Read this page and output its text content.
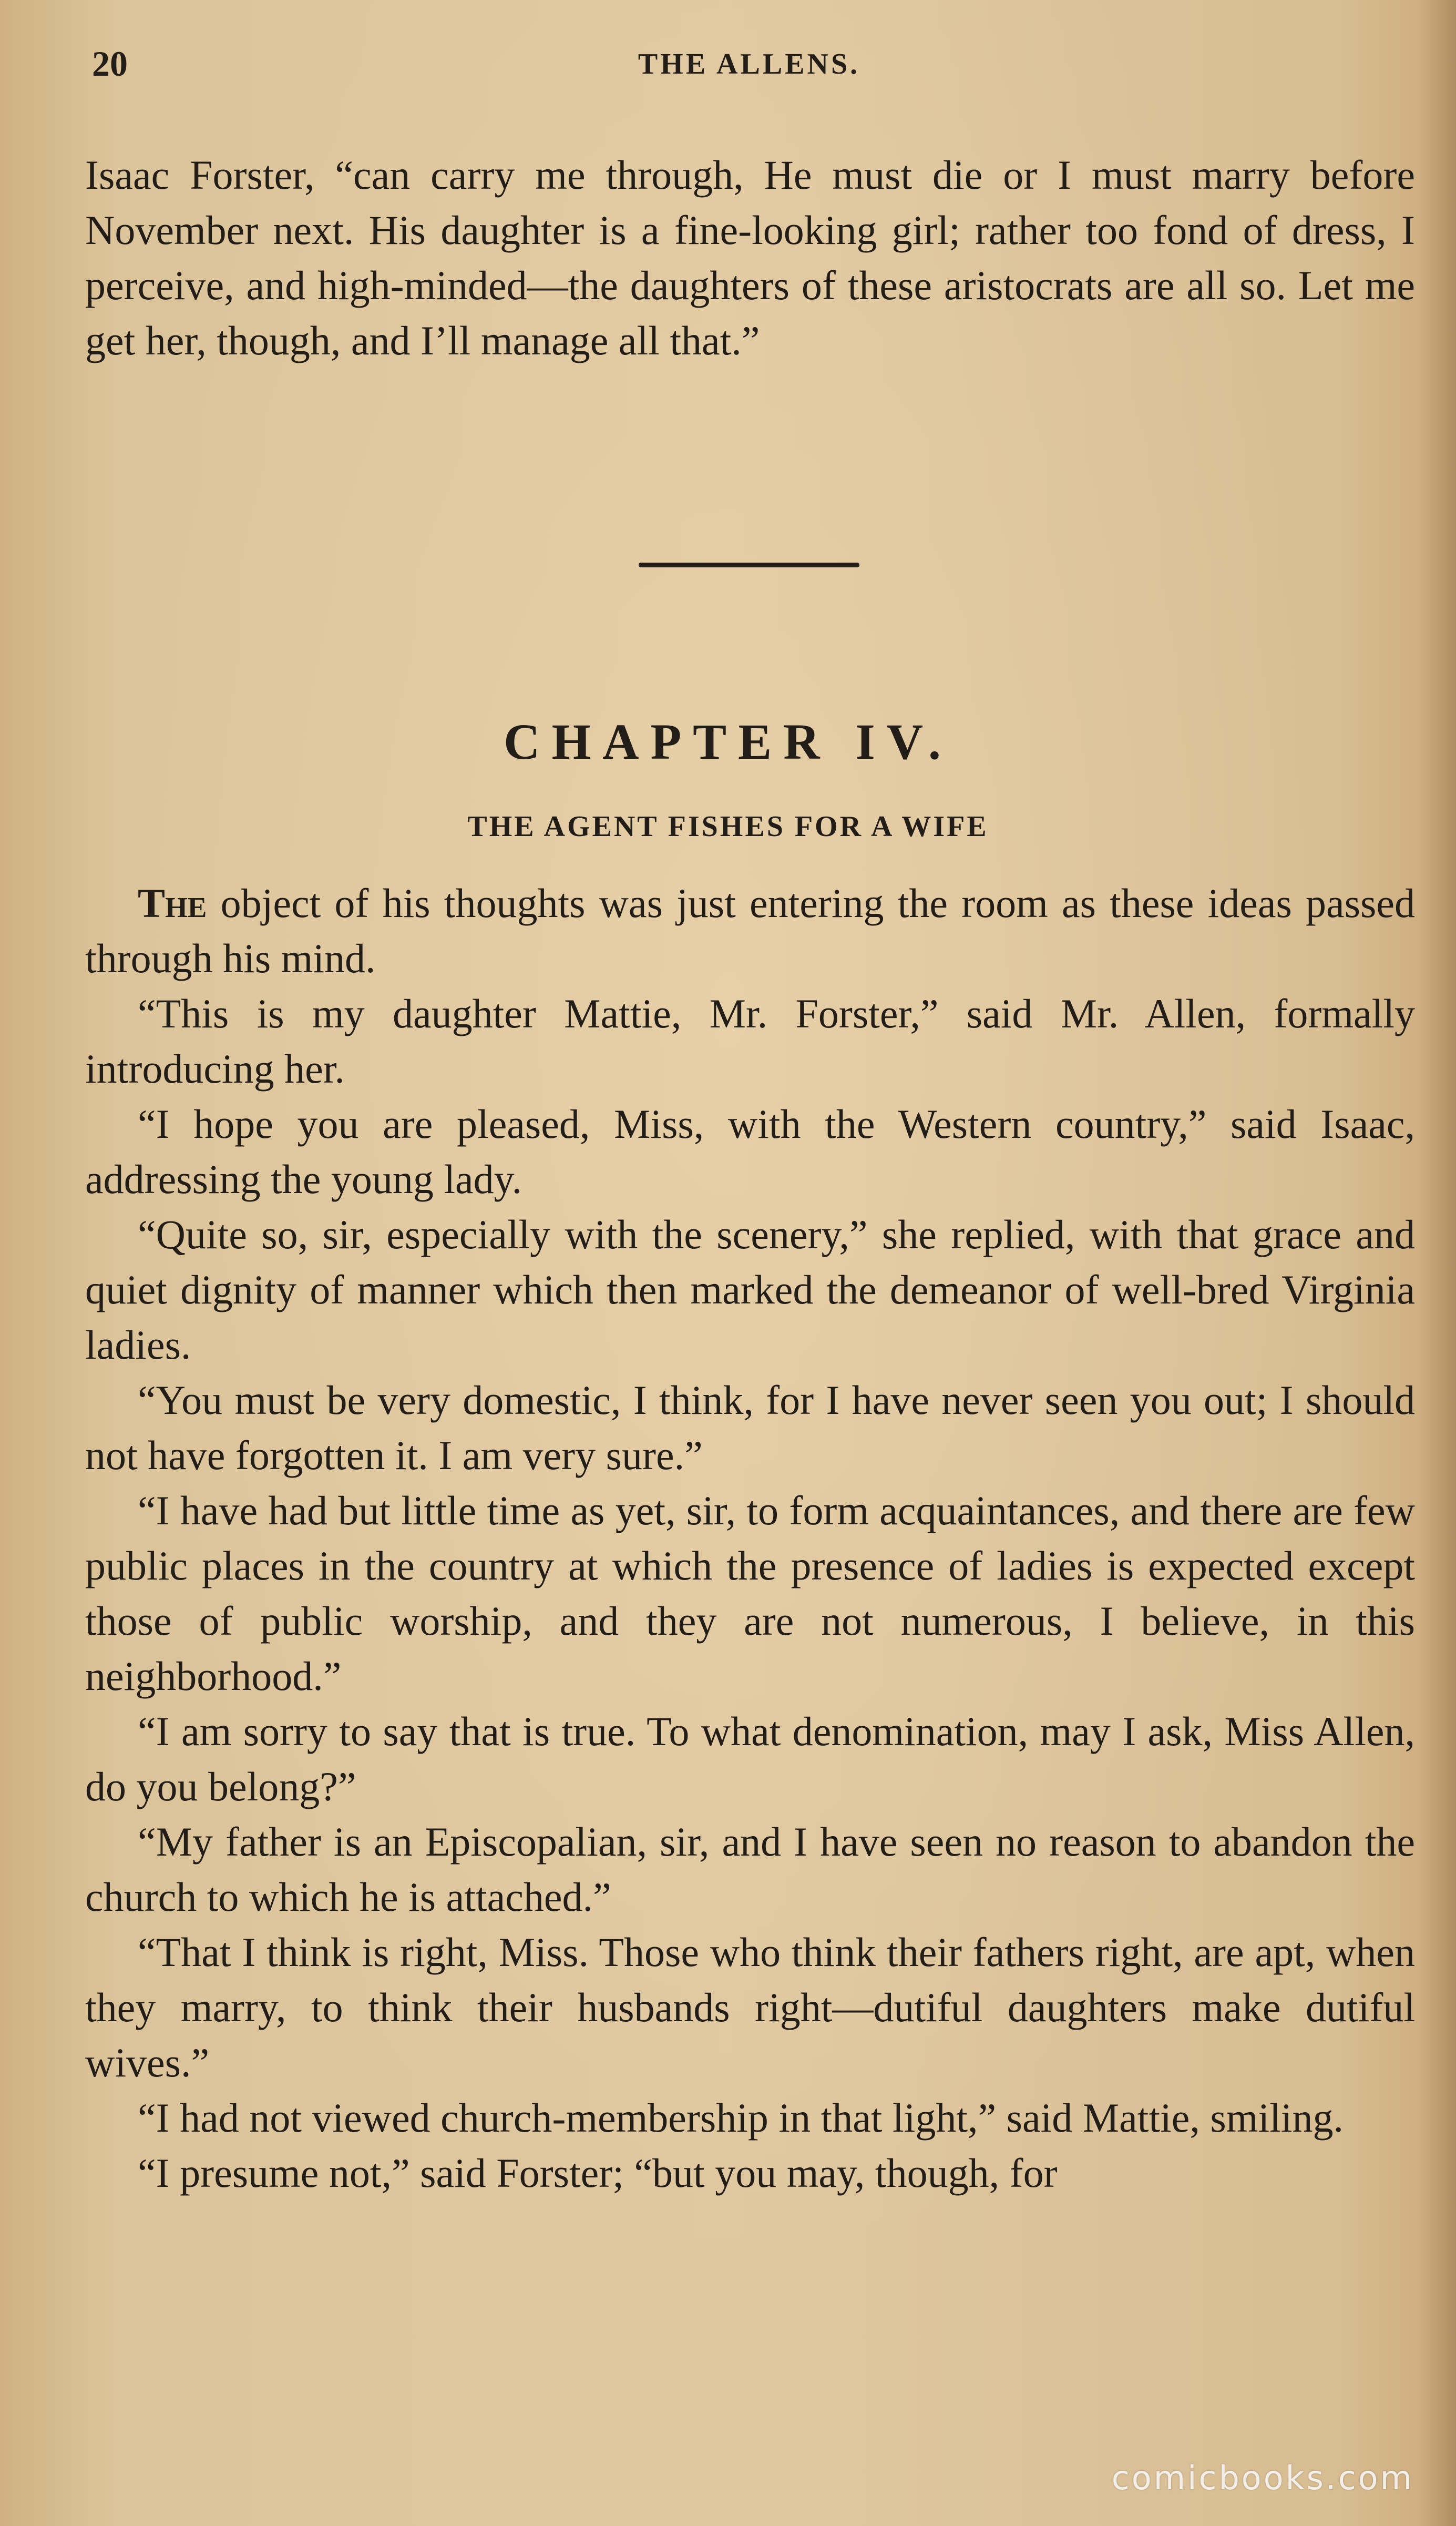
20	THE ALLENS.

Isaac Forster, “can carry me through, He must die or I must marry before November next. His daughter is a fine-looking girl; rather too fond of dress, I perceive, and high-minded—the daughters of these aristocrats are all so. Let me get her, though, and I’ll manage all that.”

CHAPTER IV.
THE AGENT FISHES FOR A WIFE

The object of his thoughts was just entering the room as these ideas passed through his mind.

“This is my daughter Mattie, Mr. Forster,” said Mr. Allen, formally introducing her.

“I hope you are pleased, Miss, with the Western country,” said Isaac, addressing the young lady.

“Quite so, sir, especially with the scenery,” she replied, with that grace and quiet dignity of manner which then marked the demeanor of well-bred Virginia ladies.

“You must be very domestic, I think, for I have never seen you out; I should not have forgotten it. I am very sure.”

“I have had but little time as yet, sir, to form acquaintances, and there are few public places in the country at which the presence of ladies is expected except those of public worship, and they are not numerous, I believe, in this neighborhood.”

“I am sorry to say that is true. To what denomination, may I ask, Miss Allen, do you belong?”

“My father is an Episcopalian, sir, and I have seen no reason to abandon the church to which he is attached.”

“That I think is right, Miss. Those who think their fathers right, are apt, when they marry, to think their husbands right—dutiful daughters make dutiful wives.”

“I had not viewed church-membership in that light,” said Mattie, smiling.

“I presume not,” said Forster; “but you may, though, for

comicbooks.com
